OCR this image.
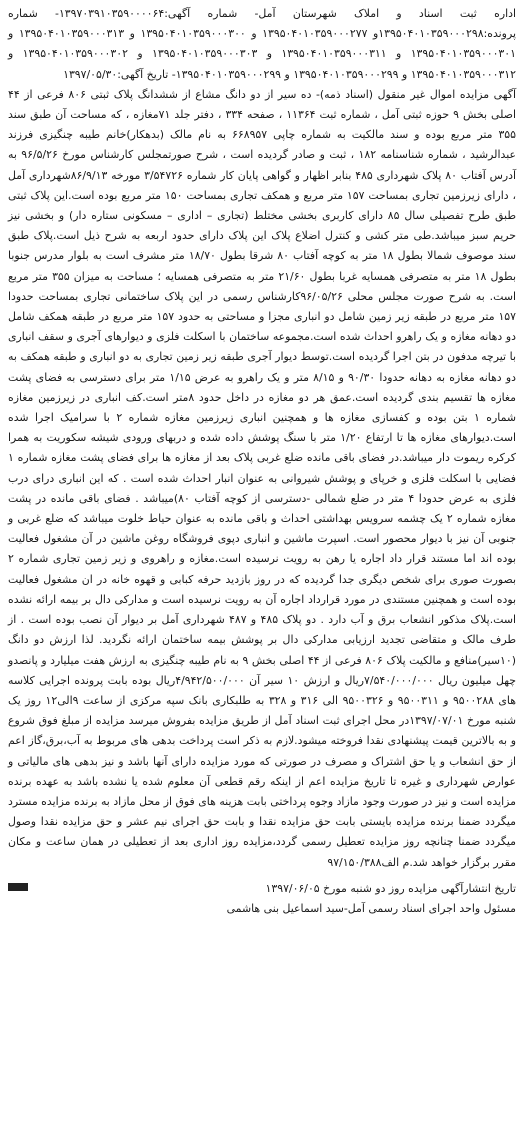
اداره ثبت اسناد و املاک شهرستان آمل- شماره آگهی:۱۳۹۷۰۳۹۱۰۳۵۹۰۰۰۰۶۴- شماره پرونده:۱۳۹۵۰۴۰۱۰۳۵۹۰۰۰۲۹۸و ۱۳۹۵۰۴۰۱۰۳۵۹۰۰۰۲۷۷ و ۱۳۹۵۰۴۰۱۰۳۵۹۰۰۰۳۰۰ و ۱۳۹۵۰۴۰۱۰۳۵۹۰۰۰۳۱۳ و ۱۳۹۵۰۴۰۱۰۳۵۹۰۰۰۳۰۱ و ۱۳۹۵۰۴۰۱۰۳۵۹۰۰۰۳۱۱ و ۱۳۹۵۰۴۰۱۰۳۵۹۰۰۰۳۰۳ و ۱۳۹۵۰۴۰۱۰۳۵۹۰۰۰۳۰۲ و ۱۳۹۵۰۴۰۱۰۳۵۹۰۰۰۳۱۲ و ۱۳۹۵۰۴۰۱۰۳۵۹۰۰۰۲۹۹ و ۱۳۹۵۰۴۰۱۰۳۵۹۰۰۰۲۹۹- تاریخ آگهی:۱۳۹۷/۰۵/۳۰

آگهی مزایده اموال غیر منقول (اسناد ذمه)- ده سیر از دو دانگ مشاع از ششدانگ پلاک ثبتی ۸۰۶ فرعی از ۴۴ اصلی بخش ۹ حوزه ثبتی آمل ، شماره ثبت ۱۱۳۶۴ ، صفحه ۳۳۴ ، دفتر جلد ۷۱مغازه ، که مساحت آن طبق سند ۳۵۵ متر مربع بوده و سند مالکیت به شماره چاپی ۶۶۸۹۵۷ به نام مالک (بدهکار)خانم طیبه چنگیزی فرزند عبدالرشید ، شماره شناسنامه ۱۸۲ ، ثبت و صادر گردیده است ، شرح صورتمجلس کارشناس مورخ ۹۶/۵/۲۶ به آدرس آفتاب ۸۰ پلاک شهرداری ۴۸۵ بنابر اظهار و گواهی پایان کار شماره ۳/۵۴۷۲۶ مورخه ۸۶/۹/۱۳شهرداری آمل ، دارای زیرزمین تجاری بمساحت ۱۵۷ متر مربع و همکف تجاری بمساحت ۱۵۰ متر مربع بوده است.این پلاک ثبتی طبق طرح تفصیلی سال ۸۵ دارای کاربری بخشی مختلط (تجاری – اداری – مسکونی ستاره دار) و بخشی نیز حریم سبز میباشد.طی متر کشی و کنترل اضلاع پلاک این پلاک دارای حدود اربعه به شرح ذیل است.پلاک طبق سند موصوف شمالا بطول ۱۸ متر به کوچه آفتاب ۸۰ شرقا بطول ۱۸/۷۰ متر مشرف است به بلوار مدرس جنوبا بطول ۱۸ متر به متصرفی همسایه غربا بطول ۲۱/۶۰ متر به متصرفی همسایه ؛ مساحت به میزان ۳۵۵ متر مربع است. به شرح صورت مجلس محلی ۹۶/۰۵/۲۶کارشناس رسمی در این پلاک ساختمانی تجاری بمساحت حدودا ۱۵۷ متر مربع در طبقه زیر زمین شامل دو انباری مجزا و مساحتی به حدود ۱۵۷ متر مربع در طبقه همکف شامل دو دهانه مغازه و یک راهرو احداث شده است.مجموعه ساختمان با اسکلت فلزی و دیوارهای آجری و سقف انباری با تیرچه مدفون در بتن اجرا گردیده است.توسط دیوار آجری طبقه زیر زمین تجاری به دو انباری و طبقه همکف به دو دهانه مغازه به دهانه حدودا ۹۰/۳۰ و ۸/۱۵ متر و یک راهرو به عرض ۱/۱۵ متر برای دسترسی به فضای پشت مغازه ها تقسیم بندی گردیده است.عمق هر دو مغازه در داخل حدود ۸متر است.کف انباری در زیرزمین مغازه شماره ۱ بتن بوده و کفسازی مغازه ها و همچنین انباری زیرزمین مغازه شماره ۲ با سرامیک اجرا شده است.دیوارهای مغازه ها تا ارتفاع ۱/۲۰ متر با سنگ پوشش داده شده و دربهای ورودی شیشه سکوریت به همرا کرکره ریموت دار میباشد.در فضای باقی مانده ضلع غربی پلاک بعد از مغازه ها برای فضای پشت مغازه شماره ۱ فضایی با اسکلت فلزی و خرپای و پوشش شیروانی به عنوان انبار احداث شده است . که این انباری درای درب فلزی به عرض حدودا ۴ متر در ضلع شمالی -دسترسی از کوچه آفتاب ۸۰)میباشد . فضای باقی مانده در پشت مغازه شماره ۲ یک چشمه سرویس بهداشتی احداث و باقی مانده به عنوان حیاط خلوت میباشد که ضلع غربی و جنوبی آن نیز با دیوار محصور است. اسپرت ماشین و انباری دپوی فروشگاه روغن ماشین در آن مشغول فعالیت بوده اند اما مستند قرار داد اجاره یا رهن به رویت نرسیده است.مغازه و راهروی و زیر زمین تجاری شماره ۲ بصورت صوری برای شخص دیگری جدا گردیده که در روز بازدید حرفه کبابی و قهوه خانه در ان مشغول فعالیت بوده است و همچنین مستندی در مورد قرارداد اجاره آن به رویت نرسیده است و مدارکی دال بر بیمه ارائه نشده است.پلاک مذکور انشعاب برق و آب دارد . دو پلاک ۴۸۵ و ۴۸۷ شهرداری آمل بر دیوار آن نصب بوده است . از طرف مالک و متقاضی تجدید ارزیابی مدارکی دال بر پوشش بیمه ساختمان ارائه نگردید. لذا ارزش دو دانگ (۱۰سیر)منافع و مالکیت پلاک ۸۰۶ فرعی از ۴۴ اصلی بخش ۹ به نام طیبه چنگیزی به ارزش هفت میلیارد و پانصدو چهل میلیون ریال ۷/۵۴۰/۰۰۰/۰۰۰ریال و ارزش ۱۰ سیر آن ۴/۹۴۲/۵۰۰/۰۰۰ریال بوده بابت پرونده اجرایی کلاسه های ۹۵۰۰۲۸۸ و ۹۵۰۰۳۱۱ و ۹۵۰۰۳۲۶ الی ۳۱۶ و ۳۲۸ به طلبکاری بانک سپه مرکزی از ساعت ۹الی۱۲ روز یک شنبه مورخ ۱۳۹۷/۰۷/۰۱در محل اجرای ثبت اسناد آمل از طریق مزایده بفروش میرسد مزایده از مبلغ فوق شروع و به بالاترین قیمت پیشنهادی نقدا فروخته میشود.لازم به ذکر است پرداخت بدهی های مربوط به آب،برق،گاز اعم از حق انشعاب و یا حق اشتراک و مصرف در صورتی که مورد مزایده دارای آنها باشد و نیز بدهی های مالیاتی و عوارض شهرداری و غیره تا تاریخ مزایده اعم از اینکه رقم قطعی آن معلوم شده یا نشده باشد به عهده برنده مزایده است و نیز در صورت وجود مازاد وجوه پرداختی بابت هزینه های فوق از محل مازاد به برنده مزایده مسترد میگردد ضمنا برنده مزایده بایستی بابت حق مزایده نقدا و بابت حق اجرای نیم عشر و حق مزایده نقدا وصول میگردد ضمنا چنانچه روز مزایده تعطیل رسمی گردد،مزایده روز اداری بعد از تعطیلی در همان ساعت و مکان مقرر برگزار خواهد شد.م الف۹۷/۱۵۰/۳۸۸

تاریخ انتشارآگهی مزایده روز دو شنبه مورخ ۱۳۹۷/۰۶/۰۵
مسئول واحد اجرای اسناد رسمی آمل-سید اسماعیل بنی هاشمی
